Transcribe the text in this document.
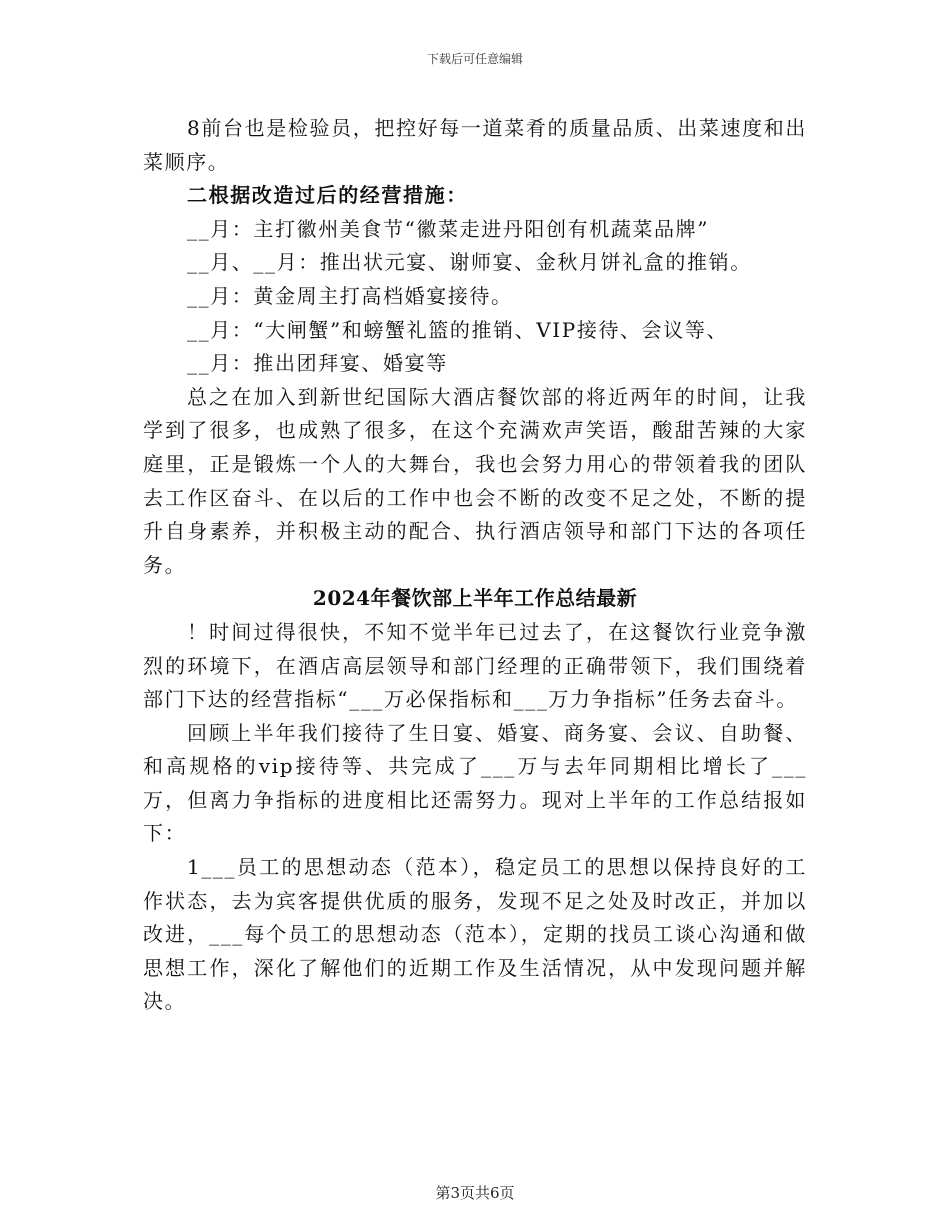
下载后可任意编辑

8前台也是检验员，把控好每一道菜肴的质量品质、出菜速度和出菜顺序。

二根据改造过后的经营措施：

__月：主打徽州美食节“徽菜走进丹阳创有机蔬菜品牌”

__月、__月：推出状元宴、谢师宴、金秋月饼礼盒的推销。

__月：黄金周主打高档婚宴接待。

__月：“大闸蟹”和螃蟹礼篮的推销、VIP接待、会议等、

__月：推出团拜宴、婚宴等

总之在加入到新世纪国际大酒店餐饮部的将近两年的时间，让我学到了很多，也成熟了很多，在这个充满欢声笑语，酸甜苦辣的大家庭里，正是锻炼一个人的大舞台，我也会努力用心的带领着我的团队去工作区奋斗、在以后的工作中也会不断的改变不足之处，不断的提升自身素养，并积极主动的配合、执行酒店领导和部门下达的各项任务。

2024年餐饮部上半年工作总结最新

！时间过得很快，不知不觉半年已过去了，在这餐饮行业竞争激烈的环境下，在酒店高层领导和部门经理的正确带领下，我们围绕着部门下达的经营指标“___万必保指标和___万力争指标”任务去奋斗。

回顾上半年我们接待了生日宴、婚宴、商务宴、会议、自助餐、和高规格的vip接待等、共完成了___万与去年同期相比增长了___万，但离力争指标的进度相比还需努力。现对上半年的工作总结报如下：

1___员工的思想动态（范本），稳定员工的思想以保持良好的工作状态，去为宾客提供优质的服务，发现不足之处及时改正，并加以改进，___每个员工的思想动态（范本），定期的找员工谈心沟通和做思想工作，深化了解他们的近期工作及生活情况，从中发现问题并解决。

第3页共6页
